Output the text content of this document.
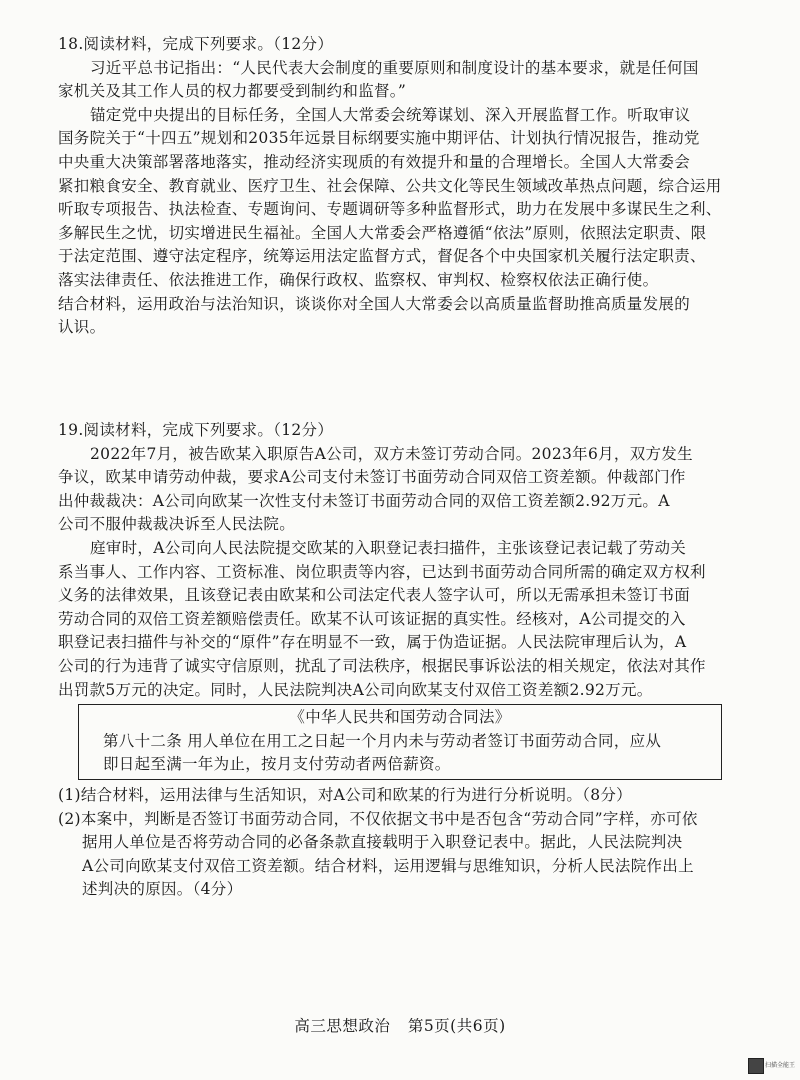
18.阅读材料，完成下列要求。（12分）
习近平总书记指出：“人民代表大会制度的重要原则和制度设计的基本要求，就是任何国
家机关及其工作人员的权力都要受到制约和监督。”
锚定党中央提出的目标任务，全国人大常委会统筹谋划、深入开展监督工作。听取审议
国务院关于“十四五”规划和2035年远景目标纲要实施中期评估、计划执行情况报告，推动党
中央重大决策部署落地落实，推动经济实现质的有效提升和量的合理增长。全国人大常委会
紧扣粮食安全、教育就业、医疗卫生、社会保障、公共文化等民生领域改革热点问题，综合运用
听取专项报告、执法检查、专题询问、专题调研等多种监督形式，助力在发展中多谋民生之利、
多解民生之忧，切实增进民生福祉。全国人大常委会严格遵循“依法”原则，依照法定职责、限
于法定范围、遵守法定程序，统筹运用法定监督方式，督促各个中央国家机关履行法定职责、
落实法律责任、依法推进工作，确保行政权、监察权、审判权、检察权依法正确行使。
结合材料，运用政治与法治知识，谈谈你对全国人大常委会以高质量监督助推高质量发展的
认识。
19.阅读材料，完成下列要求。（12分）
2022年7月，被告欧某入职原告A公司，双方未签订劳动合同。2023年6月，双方发生
争议，欧某申请劳动仲裁，要求A公司支付未签订书面劳动合同双倍工资差额。仲裁部门作
出仲裁裁决：A公司向欧某一次性支付未签订书面劳动合同的双倍工资差额2.92万元。A
公司不服仲裁裁决诉至人民法院。
庭审时，A公司向人民法院提交欧某的入职登记表扫描件，主张该登记表记载了劳动关
系当事人、工作内容、工资标准、岗位职责等内容，已达到书面劳动合同所需的确定双方权利
义务的法律效果，且该登记表由欧某和公司法定代表人签字认可，所以无需承担未签订书面
劳动合同的双倍工资差额赔偿责任。欧某不认可该证据的真实性。经核对，A公司提交的入
职登记表扫描件与补交的“原件”存在明显不一致，属于伪造证据。人民法院审理后认为，A
公司的行为违背了诚实守信原则，扰乱了司法秩序，根据民事诉讼法的相关规定，依法对其作
出罚款5万元的决定。同时，人民法院判决A公司向欧某支付双倍工资差额2.92万元。
《中华人民共和国劳动合同法》
第八十二条 用人单位在用工之日起一个月内未与劳动者签订书面劳动合同，应从
即日起至满一年为止，按月支付劳动者两倍薪资。
(1)结合材料，运用法律与生活知识，对A公司和欧某的行为进行分析说明。（8分）
(2)本案中，判断是否签订书面劳动合同，不仅依据文书中是否包含“劳动合同”字样，亦可依
据用人单位是否将劳动合同的必备条款直接载明于入职登记表中。据此，人民法院判决
A公司向欧某支付双倍工资差额。结合材料，运用逻辑与思维知识，分析人民法院作出上
述判决的原因。（4分）
高三思想政治 第5页(共6页)
扫描全能王
